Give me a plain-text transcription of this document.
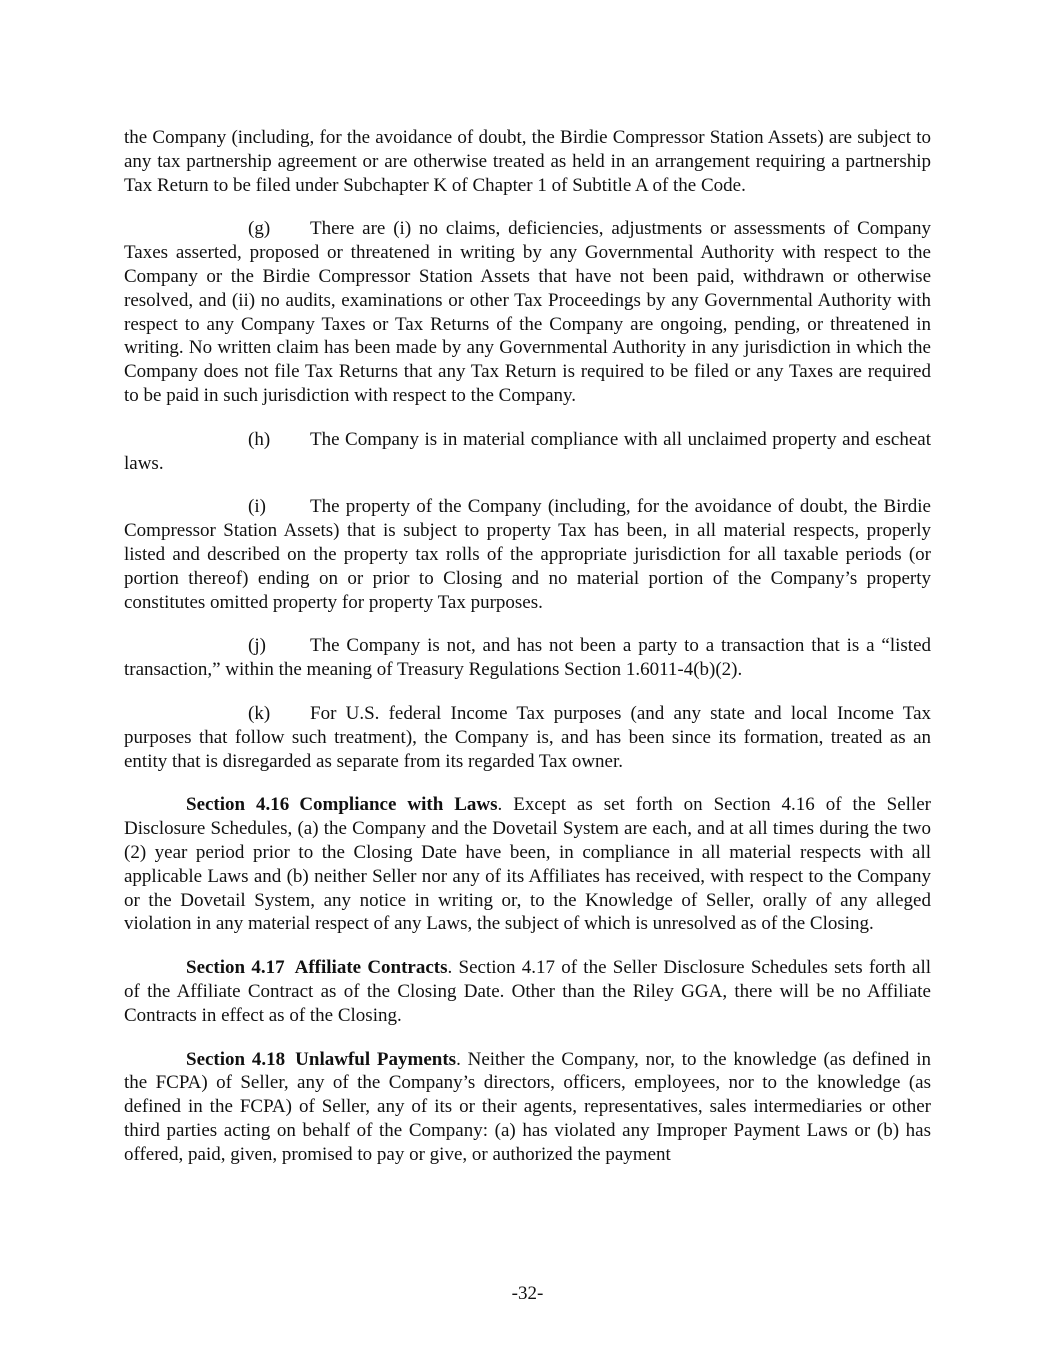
the Company (including, for the avoidance of doubt, the Birdie Compressor Station Assets) are subject to any tax partnership agreement or are otherwise treated as held in an arrangement requiring a partnership Tax Return to be filed under Subchapter K of Chapter 1 of Subtitle A of the Code.

(g) There are (i) no claims, deficiencies, adjustments or assessments of Company Taxes asserted, proposed or threatened in writing by any Governmental Authority with respect to the Company or the Birdie Compressor Station Assets that have not been paid, withdrawn or otherwise resolved, and (ii) no audits, examinations or other Tax Proceedings by any Governmental Authority with respect to any Company Taxes or Tax Returns of the Company are ongoing, pending, or threatened in writing. No written claim has been made by any Governmental Authority in any jurisdiction in which the Company does not file Tax Returns that any Tax Return is required to be filed or any Taxes are required to be paid in such jurisdiction with respect to the Company.

(h) The Company is in material compliance with all unclaimed property and escheat laws.

(i) The property of the Company (including, for the avoidance of doubt, the Birdie Compressor Station Assets) that is subject to property Tax has been, in all material respects, properly listed and described on the property tax rolls of the appropriate jurisdiction for all taxable periods (or portion thereof) ending on or prior to Closing and no material portion of the Company’s property constitutes omitted property for property Tax purposes.

(j) The Company is not, and has not been a party to a transaction that is a “listed transaction,” within the meaning of Treasury Regulations Section 1.6011-4(b)(2).

(k) For U.S. federal Income Tax purposes (and any state and local Income Tax purposes that follow such treatment), the Company is, and has been since its formation, treated as an entity that is disregarded as separate from its regarded Tax owner.

Section 4.16 Compliance with Laws. Except as set forth on Section 4.16 of the Seller Disclosure Schedules, (a) the Company and the Dovetail System are each, and at all times during the two (2) year period prior to the Closing Date have been, in compliance in all material respects with all applicable Laws and (b) neither Seller nor any of its Affiliates has received, with respect to the Company or the Dovetail System, any notice in writing or, to the Knowledge of Seller, orally of any alleged violation in any material respect of any Laws, the subject of which is unresolved as of the Closing.

Section 4.17 Affiliate Contracts. Section 4.17 of the Seller Disclosure Schedules sets forth all of the Affiliate Contract as of the Closing Date. Other than the Riley GGA, there will be no Affiliate Contracts in effect as of the Closing.

Section 4.18 Unlawful Payments. Neither the Company, nor, to the knowledge (as defined in the FCPA) of Seller, any of the Company’s directors, officers, employees, nor to the knowledge (as defined in the FCPA) of Seller, any of its or their agents, representatives, sales intermediaries or other third parties acting on behalf of the Company: (a) has violated any Improper Payment Laws or (b) has offered, paid, given, promised to pay or give, or authorized the payment

-32-
